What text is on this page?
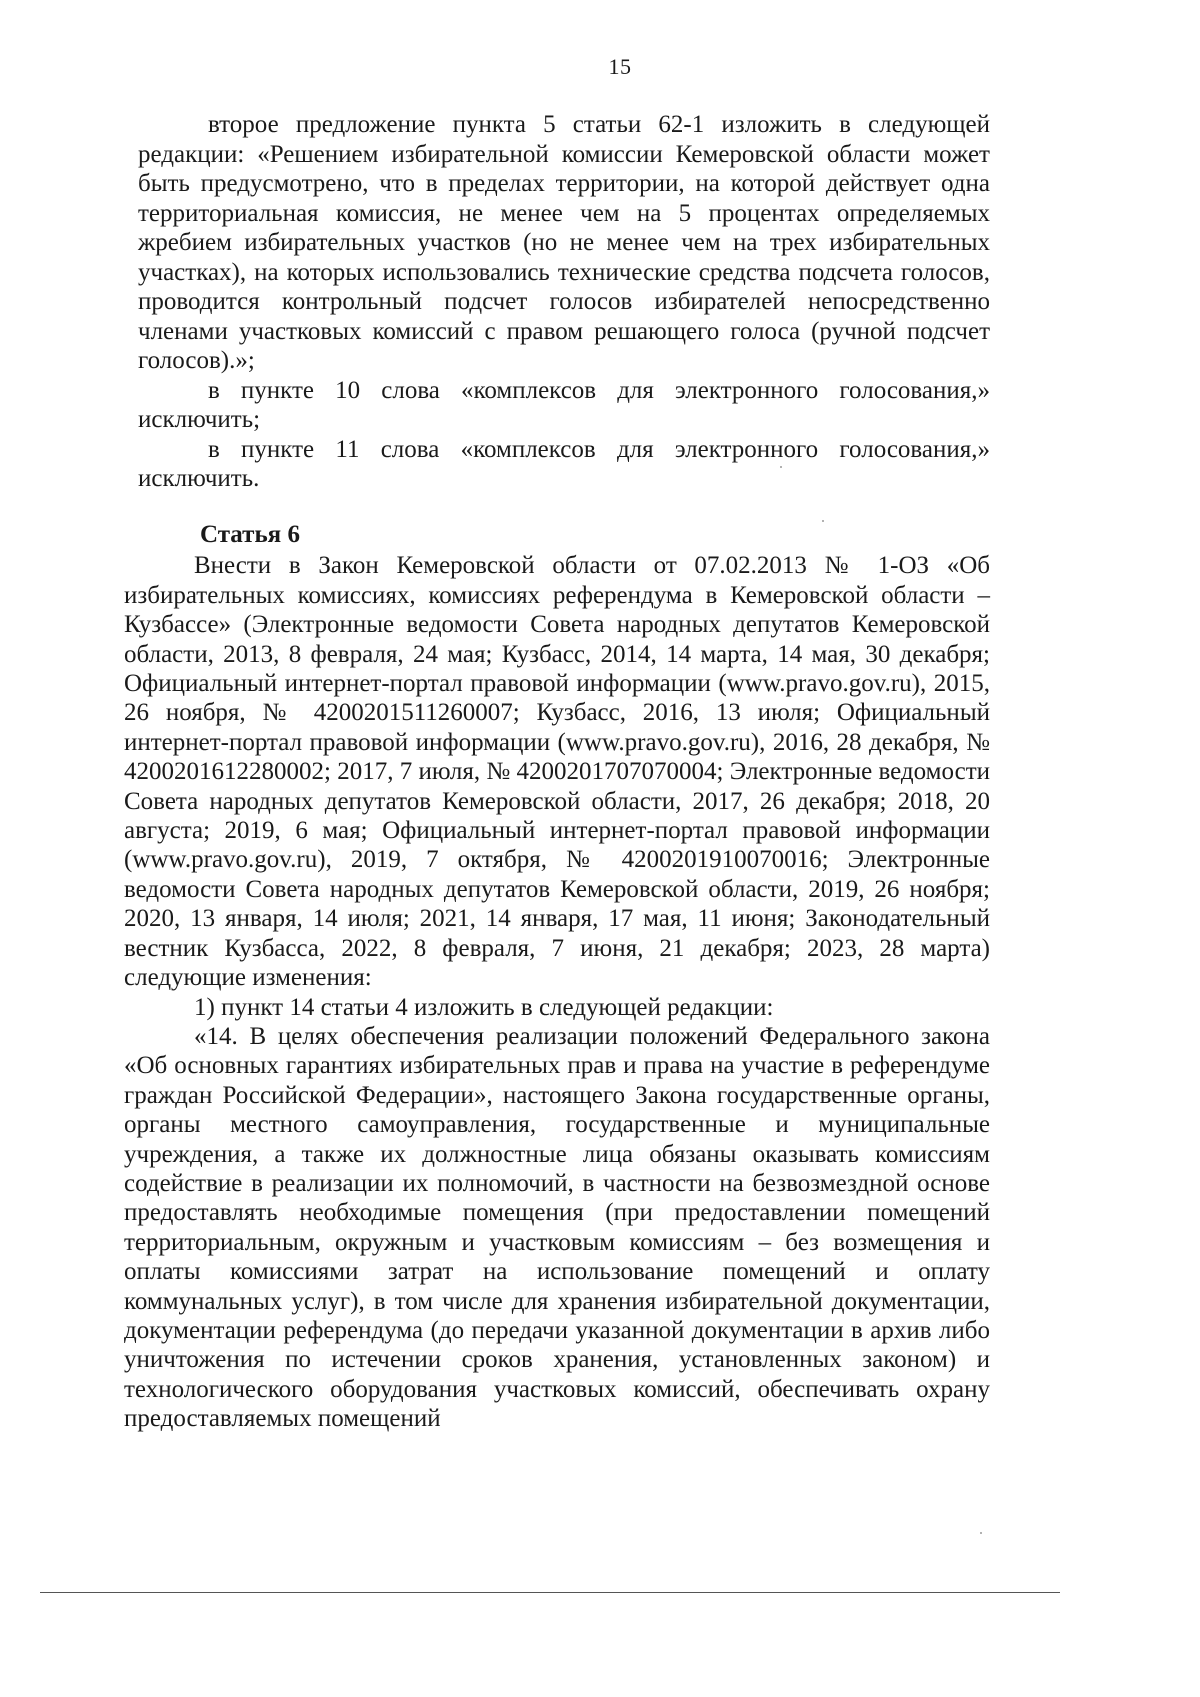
15

второе предложение пункта 5 статьи 62-1 изложить в следующей редакции: «Решением избирательной комиссии Кемеровской области может быть предусмотрено, что в пределах территории, на которой действует одна территориальная комиссия, не менее чем на 5 процентах определяемых жребием избирательных участков (но не менее чем на трех избирательных участках), на которых использовались технические средства подсчета голосов, проводится контрольный подсчет голосов избирателей непосредственно членами участковых комиссий с правом решающего голоса (ручной подсчет голосов).»;

в пункте 10 слова «комплексов для электронного голосования,» исключить;

в пункте 11 слова «комплексов для электронного голосования,» исключить.

Статья 6

Внести в Закон Кемеровской области от 07.02.2013 № 1-ОЗ «Об избирательных комиссиях, комиссиях референдума в Кемеровской области – Кузбассе» (Электронные ведомости Совета народных депутатов Кемеровской области, 2013, 8 февраля, 24 мая; Кузбасс, 2014, 14 марта, 14 мая, 30 декабря; Официальный интернет-портал правовой информации (www.pravo.gov.ru), 2015, 26 ноября, № 4200201511260007; Кузбасс, 2016, 13 июля; Официальный интернет-портал правовой информации (www.pravo.gov.ru), 2016, 28 декабря, № 4200201612280002; 2017, 7 июля, № 4200201707070004; Электронные ведомости Совета народных депутатов Кемеровской области, 2017, 26 декабря; 2018, 20 августа; 2019, 6 мая; Официальный интернет-портал правовой информации (www.pravo.gov.ru), 2019, 7 октября, № 4200201910070016; Электронные ведомости Совета народных депутатов Кемеровской области, 2019, 26 ноября; 2020, 13 января, 14 июля; 2021, 14 января, 17 мая, 11 июня; Законодательный вестник Кузбасса, 2022, 8 февраля, 7 июня, 21 декабря; 2023, 28 марта) следующие изменения:

1) пункт 14 статьи 4 изложить в следующей редакции:

«14. В целях обеспечения реализации положений Федерального закона «Об основных гарантиях избирательных прав и права на участие в референдуме граждан Российской Федерации», настоящего Закона государственные органы, органы местного самоуправления, государственные и муниципальные учреждения, а также их должностные лица обязаны оказывать комиссиям содействие в реализации их полномочий, в частности на безвозмездной основе предоставлять необходимые помещения (при предоставлении помещений территориальным, окружным и участковым комиссиям – без возмещения и оплаты комиссиями затрат на использование помещений и оплату коммунальных услуг), в том числе для хранения избирательной документации, документации референдума (до передачи указанной документации в архив либо уничтожения по истечении сроков хранения, установленных законом) и технологического оборудования участковых комиссий, обеспечивать охрану предоставляемых помещений
